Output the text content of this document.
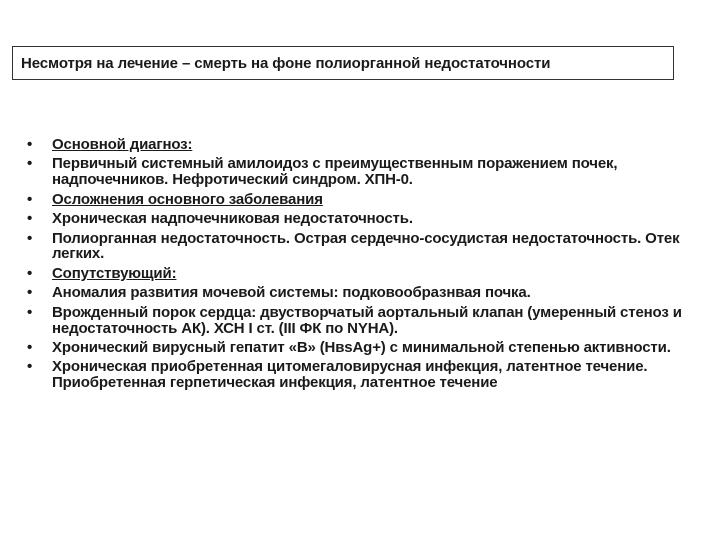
Несмотря на лечение – смерть на фоне полиорганной недостаточности
• Основной диагноз:
• Первичный системный амилоидоз с преимущественным поражением почек, надпочечников. Нефротический синдром. ХПН-0.
• Осложнения основного заболевания
• Хроническая надпочечниковая недостаточность.
• Полиорганная недостаточность. Острая сердечно-сосудистая недостаточность. Отек легких.
• Сопутствующий:
• Аномалия развития мочевой системы: подковообразнвая почка.
• Врожденный порок сердца: двустворчатый аортальный клапан (умеренный стеноз и недостаточность АК). ХСН I ст. (III ФК по NYHA).
• Хронический вирусный гепатит «В» (HвsAg+) с минимальной степенью активности.
• Хроническая приобретенная цитомегаловирусная инфекция, латентное течение. Приобретенная герпетическая инфекция, латентное течение
